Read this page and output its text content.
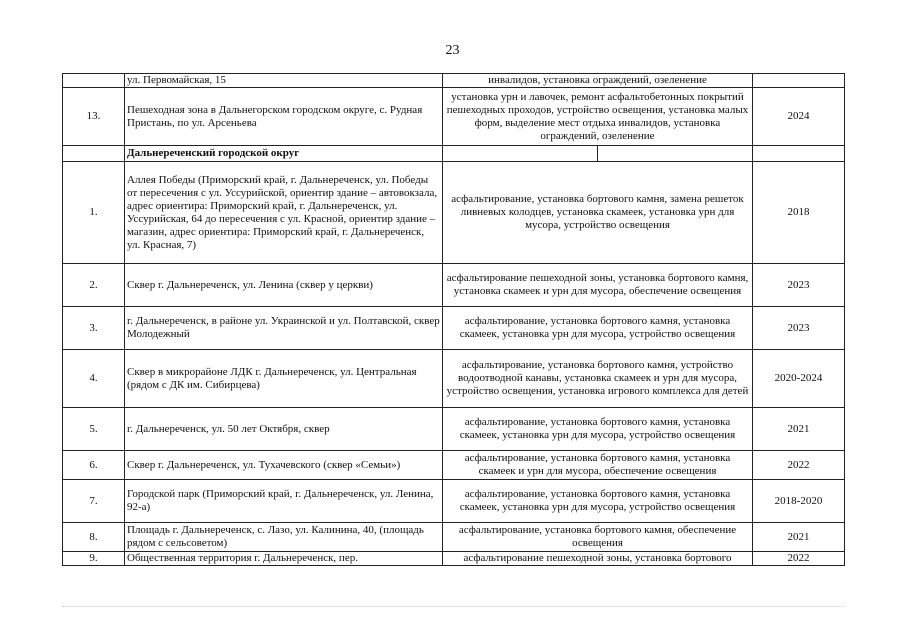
23
	ул. Первомайская, 15	инвалидов, установка ограждений, озеленение	
13.	Пешеходная зона в Дальнегорском городском округе, с. Рудная Пристань, по ул. Арсеньева	установка урн и лавочек, ремонт асфальтобетонных покрытий пешеходных проходов, устройство освещения, установка малых форм, выделение мест отдыха инвалидов, установка ограждений, озеленение	2024
	Дальнереченский городской округ	

1.	Аллея Победы (Приморский край, г. Дальнереченск, ул. Победы от пересечения с ул. Уссурийской, ориентир здание – автовокзала, адрес ориентира: Приморский край, г. Дальнереченск, ул. Уссурийская, 64 до пересечения с ул. Красной, ориентир здание – магазин, адрес ориентира: Приморский край, г. Дальнереченск, ул. Красная, 7)	асфальтирование, установка бортового камня, замена решеток ливневых колодцев, установка скамеек, установка урн для мусора, устройство освещения	2018
2.	Сквер г. Дальнереченск, ул. Ленина (сквер у церкви)	асфальтирование пешеходной зоны, установка бортового камня, установка скамеек и урн для мусора, обеспечение освещения	2023
3.	г. Дальнереченск, в районе ул. Украинской и ул. Полтавской, сквер Молодежный	асфальтирование, установка бортового камня, установка скамеек, установка урн для мусора, устройство освещения	2023
4.	Сквер в микрорайоне ЛДК г. Дальнереченск, ул. Центральная (рядом с ДК им. Сибирцева)	асфальтирование, установка бортового камня, устройство водоотводной канавы, установка скамеек и урн для мусора, устройство освещения, установка игрового комплекса для детей	2020-2024
5.	г. Дальнереченск, ул. 50 лет Октября, сквер	асфальтирование, установка бортового камня, установка скамеек, установка урн для мусора, устройство освещения	2021
6.	Сквер г. Дальнереченск, ул. Тухачевского (сквер «Семьи»)	асфальтирование, установка бортового камня, установка скамеек и урн для мусора, обеспечение освещения	2022
7.	Городской парк (Приморский край, г. Дальнереченск, ул. Ленина, 92-а)	асфальтирование, установка бортового камня, установка скамеек, установка урн для мусора, устройство освещения	2018-2020
8.	Площадь г. Дальнереченск, с. Лазо, ул. Калинина, 40, (площадь рядом с сельсоветом)	асфальтирование, установка бортового камня, обеспечение освещения	2021
9.	Общественная территория г. Дальнереченск, пер.	асфальтирование пешеходной зоны, установка бортового	2022
